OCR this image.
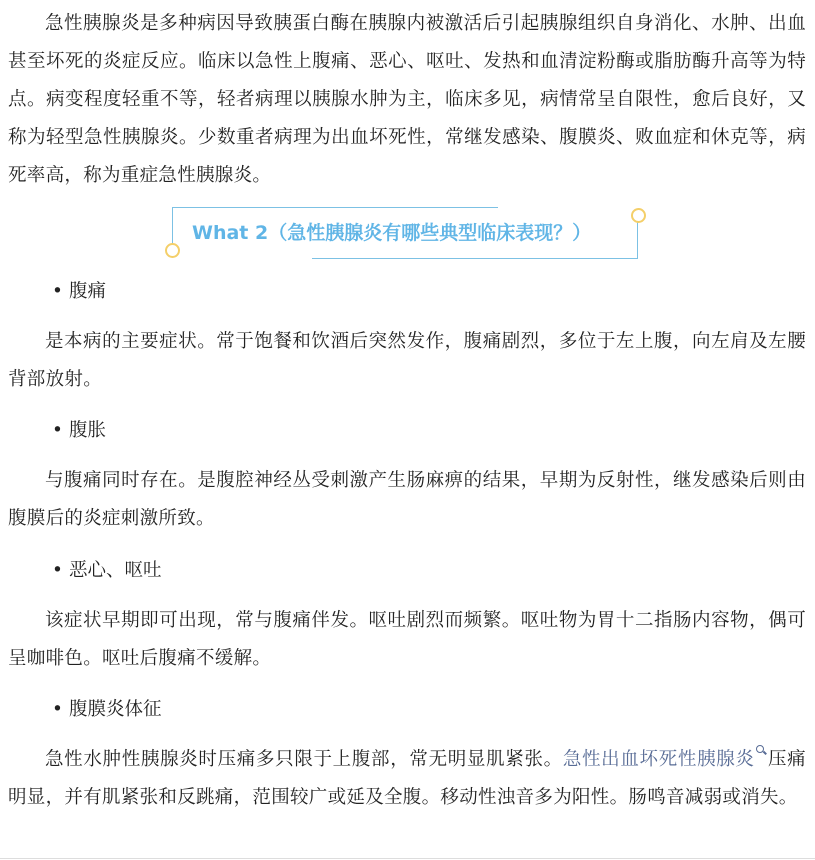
急性胰腺炎是多种病因导致胰蛋白酶在胰腺内被激活后引起胰腺组织自身消化、水肿、出血甚至坏死的炎症反应。临床以急性上腹痛、恶心、呕吐、发热和血清淀粉酶或脂肪酶升高等为特点。病变程度轻重不等，轻者病理以胰腺水肿为主，临床多见，病情常呈自限性，愈后良好，又称为轻型急性胰腺炎。少数重者病理为出血坏死性，常继发感染、腹膜炎、败血症和休克等，病死率高，称为重症急性胰腺炎。

What 2（急性胰腺炎有哪些典型临床表现？）
• 腹痛

是本病的主要症状。常于饱餐和饮酒后突然发作，腹痛剧烈，多位于左上腹，向左肩及左腰背部放射。

• 腹胀

与腹痛同时存在。是腹腔神经丛受刺激产生肠麻痹的结果，早期为反射性，继发感染后则由腹膜后的炎症刺激所致。

• 恶心、呕吐

该症状早期即可出现，常与腹痛伴发。呕吐剧烈而频繁。呕吐物为胃十二指肠内容物，偶可呈咖啡色。呕吐后腹痛不缓解。

• 腹膜炎体征

急性水肿性胰腺炎时压痛多只限于上腹部，常无明显肌紧张。急性出血坏死性胰腺炎 压痛明显，并有肌紧张和反跳痛，范围较广或延及全腹。移动性浊音多为阳性。肠鸣音减弱或消失。
